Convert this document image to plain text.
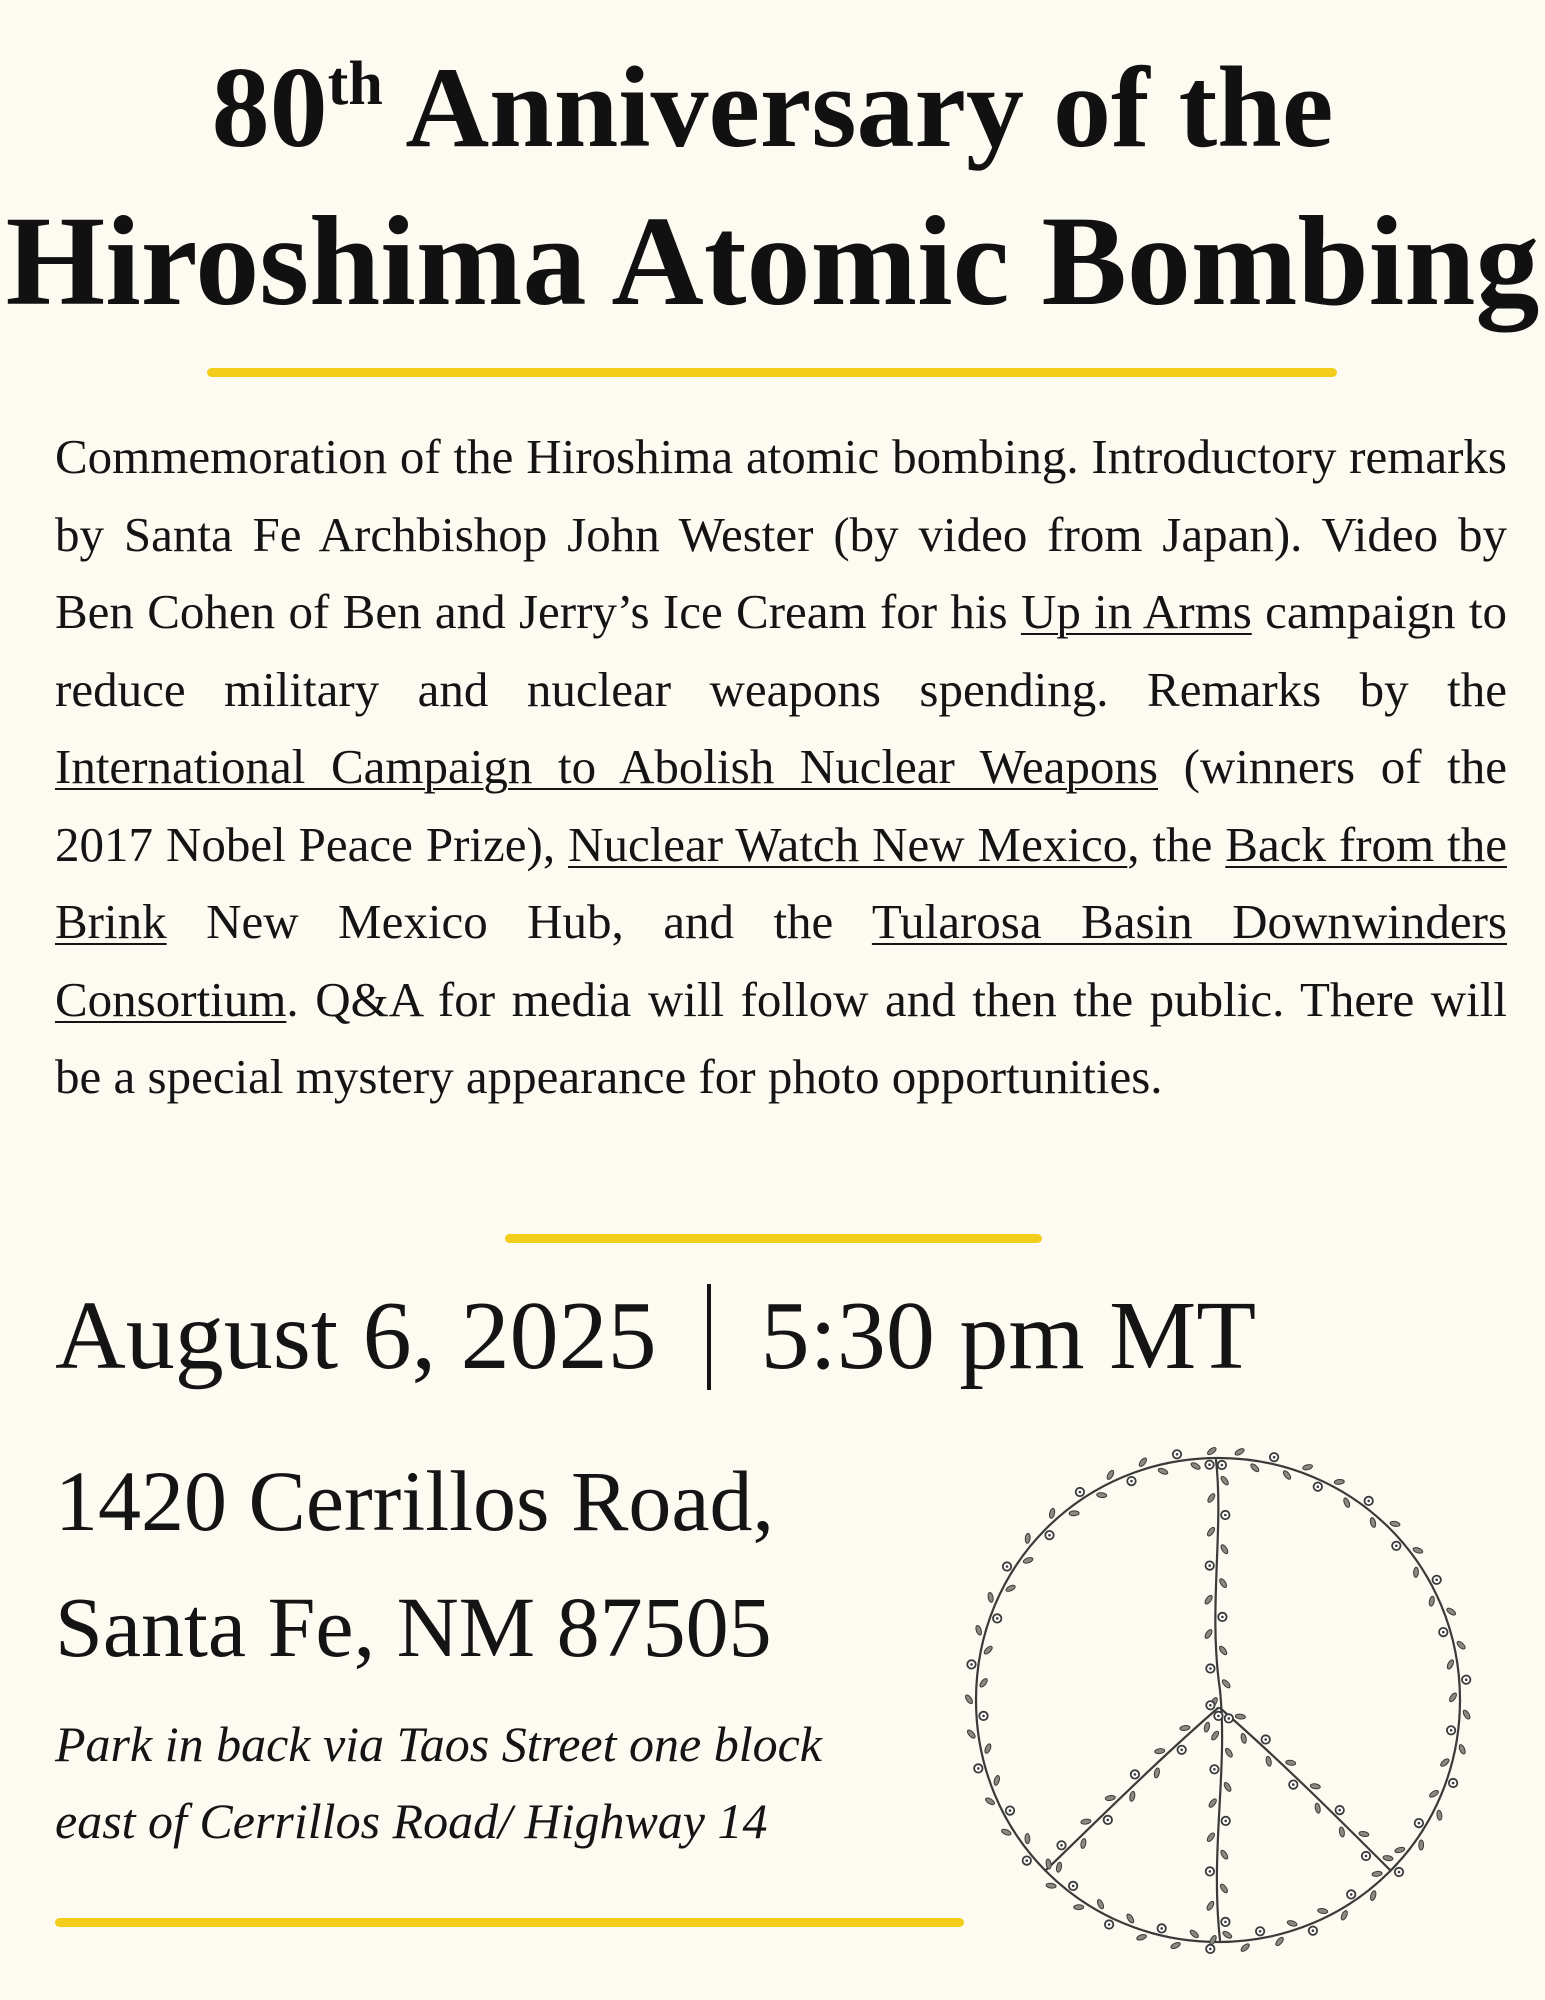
80th Anniversary of the
Hiroshima Atomic Bombing

Commemoration of the Hiroshima atomic bombing. Introductory remarks by Santa Fe Archbishop John Wester (by video from Japan). Video by Ben Cohen of Ben and Jerry’s Ice Cream for his Up in Arms campaign to reduce military and nuclear weapons spending. Remarks by the International Campaign to Abolish Nuclear Weapons (winners of the 2017 Nobel Peace Prize), Nuclear Watch New Mexico, the Back from the Brink New Mexico Hub, and the Tularosa Basin Downwinders Consortium. Q&A for media will follow and then the public. There will be a special mystery appearance for photo opportunities.

August 6, 2025 5:30 pm MT

1420 Cerrillos Road,

Santa Fe, NM 87505

Park in back via Taos Street one block
east of Cerrillos Road/ Highway 14
